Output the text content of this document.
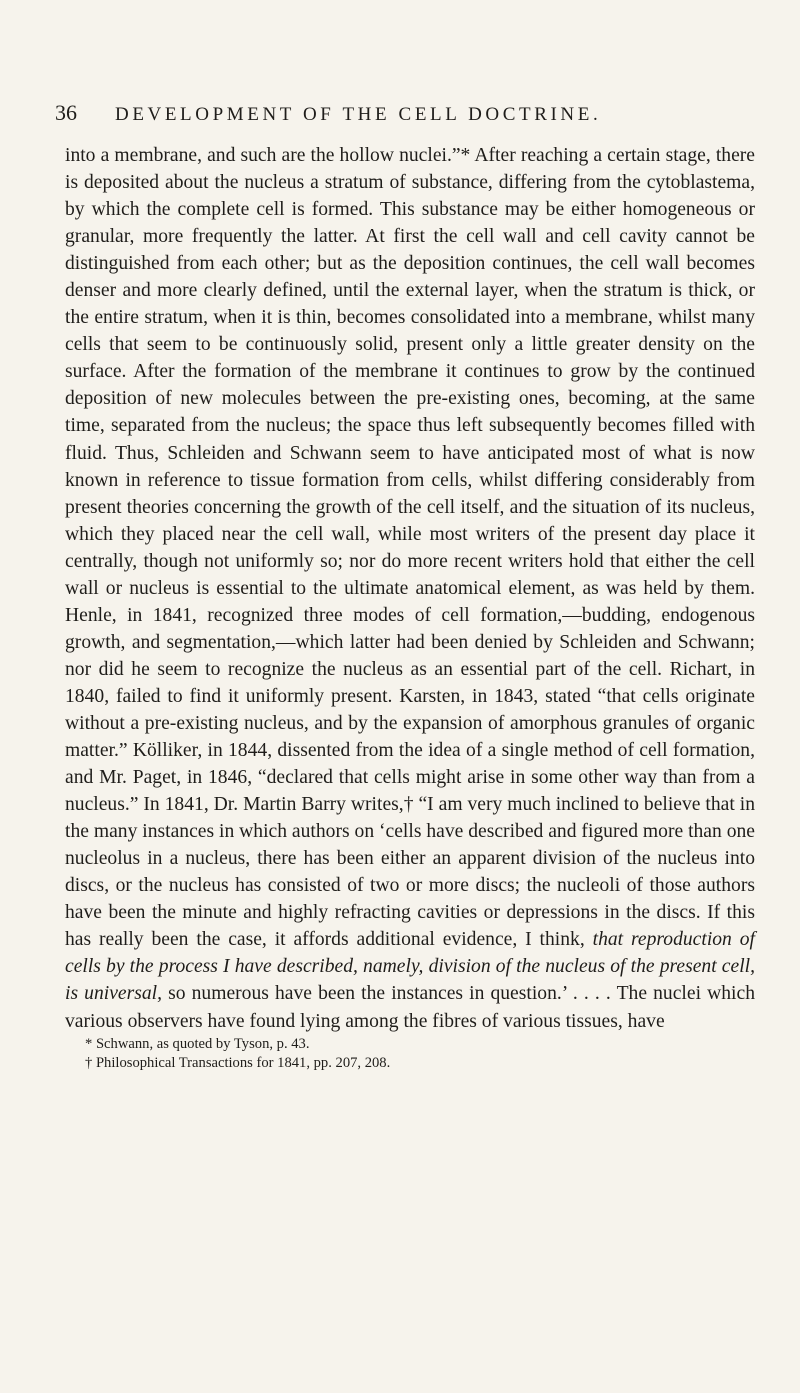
36	DEVELOPMENT OF THE CELL DOCTRINE.

into a membrane, and such are the hollow nuclei.”* After reaching a certain stage, there is deposited about the nucleus a stratum of substance, differing from the cytoblastema, by which the complete cell is formed. This substance may be either homogeneous or granular, more frequently the latter. At first the cell wall and cell cavity cannot be distinguished from each other; but as the deposition continues, the cell wall becomes denser and more clearly defined, until the external layer, when the stratum is thick, or the entire stratum, when it is thin, becomes consolidated into a membrane, whilst many cells that seem to be continuously solid, present only a little greater density on the surface. After the formation of the membrane it continues to grow by the continued deposition of new molecules between the pre-existing ones, becoming, at the same time, separated from the nucleus; the space thus left subsequently becomes filled with fluid. Thus, Schleiden and Schwann seem to have anticipated most of what is now known in reference to tissue formation from cells, whilst differing considerably from present theories concerning the growth of the cell itself, and the situation of its nucleus, which they placed near the cell wall, while most writers of the present day place it centrally, though not uniformly so; nor do more recent writers hold that either the cell wall or nucleus is essential to the ultimate anatomical element, as was held by them. Henle, in 1841, recognized three modes of cell formation,—budding, endogenous growth, and segmentation,—which latter had been denied by Schleiden and Schwann; nor did he seem to recognize the nucleus as an essential part of the cell. Richart, in 1840, failed to find it uniformly present. Karsten, in 1843, stated “that cells originate without a pre-existing nucleus, and by the expansion of amorphous granules of organic matter.” Kölliker, in 1844, dissented from the idea of a single method of cell formation, and Mr. Paget, in 1846, “declared that cells might arise in some other way than from a nucleus.” In 1841, Dr. Martin Barry writes,† “I am very much inclined to believe that in the many instances in which authors on ‘cells have described and figured more than one nucleolus in a nucleus, there has been either an apparent division of the nucleus into discs, or the nucleus has consisted of two or more discs; the nucleoli of those authors have been the minute and highly refracting cavities or depressions in the discs. If this has really been the case, it affords additional evidence, I think, that reproduction of cells by the process I have described, namely, division of the nucleus of the present cell, is universal, so numerous have been the instances in question.’ . . . . The nuclei which various observers have found lying among the fibres of various tissues, have

* Schwann, as quoted by Tyson, p. 43.

† Philosophical Transactions for 1841, pp. 207, 208.
